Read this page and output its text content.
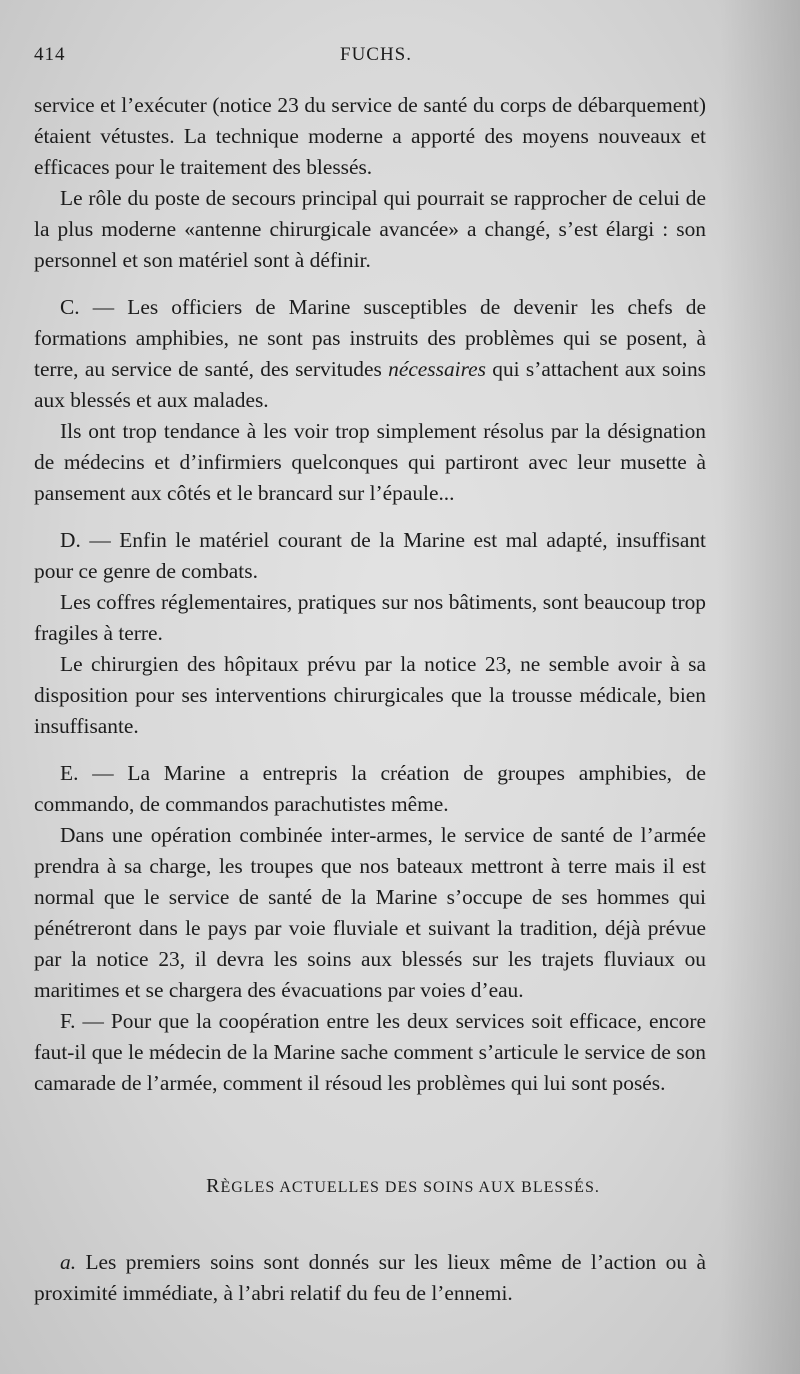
414	FUCHS.

service et l’exécuter (notice 23 du service de santé du corps de débarquement) étaient vétustes. La technique moderne a apporté des moyens nouveaux et efficaces pour le traitement des blessés.

Le rôle du poste de secours principal qui pourrait se rapprocher de celui de la plus moderne «antenne chirurgicale avancée» a changé, s’est élargi : son personnel et son matériel sont à définir.

C. — Les officiers de Marine susceptibles de devenir les chefs de formations amphibies, ne sont pas instruits des problèmes qui se posent, à terre, au service de santé, des servitudes nécessaires qui s’attachent aux soins aux blessés et aux malades.

Ils ont trop tendance à les voir trop simplement résolus par la désignation de médecins et d’infirmiers quelconques qui partiront avec leur musette à pansement aux côtés et le brancard sur l’épaule...

D. — Enfin le matériel courant de la Marine est mal adapté, insuffisant pour ce genre de combats.

Les coffres réglementaires, pratiques sur nos bâtiments, sont beaucoup trop fragiles à terre.

Le chirurgien des hôpitaux prévu par la notice 23, ne semble avoir à sa disposition pour ses interventions chirurgicales que la trousse médicale, bien insuffisante.

E. — La Marine a entrepris la création de groupes amphibies, de commando, de commandos parachutistes même.

Dans une opération combinée inter-armes, le service de santé de l’armée prendra à sa charge, les troupes que nos bateaux mettront à terre mais il est normal que le service de santé de la Marine s’occupe de ses hommes qui pénétreront dans le pays par voie fluviale et suivant la tradition, déjà prévue par la notice 23, il devra les soins aux blessés sur les trajets fluviaux ou maritimes et se chargera des évacuations par voies d’eau.

F. — Pour que la coopération entre les deux services soit efficace, encore faut-il que le médecin de la Marine sache comment s’articule le service de son camarade de l’armée, comment il résoud les problèmes qui lui sont posés.

RÈGLES ACTUELLES DES SOINS AUX BLESSÉS.

a. Les premiers soins sont donnés sur les lieux même de l’action ou à proximité immédiate, à l’abri relatif du feu de l’ennemi.
